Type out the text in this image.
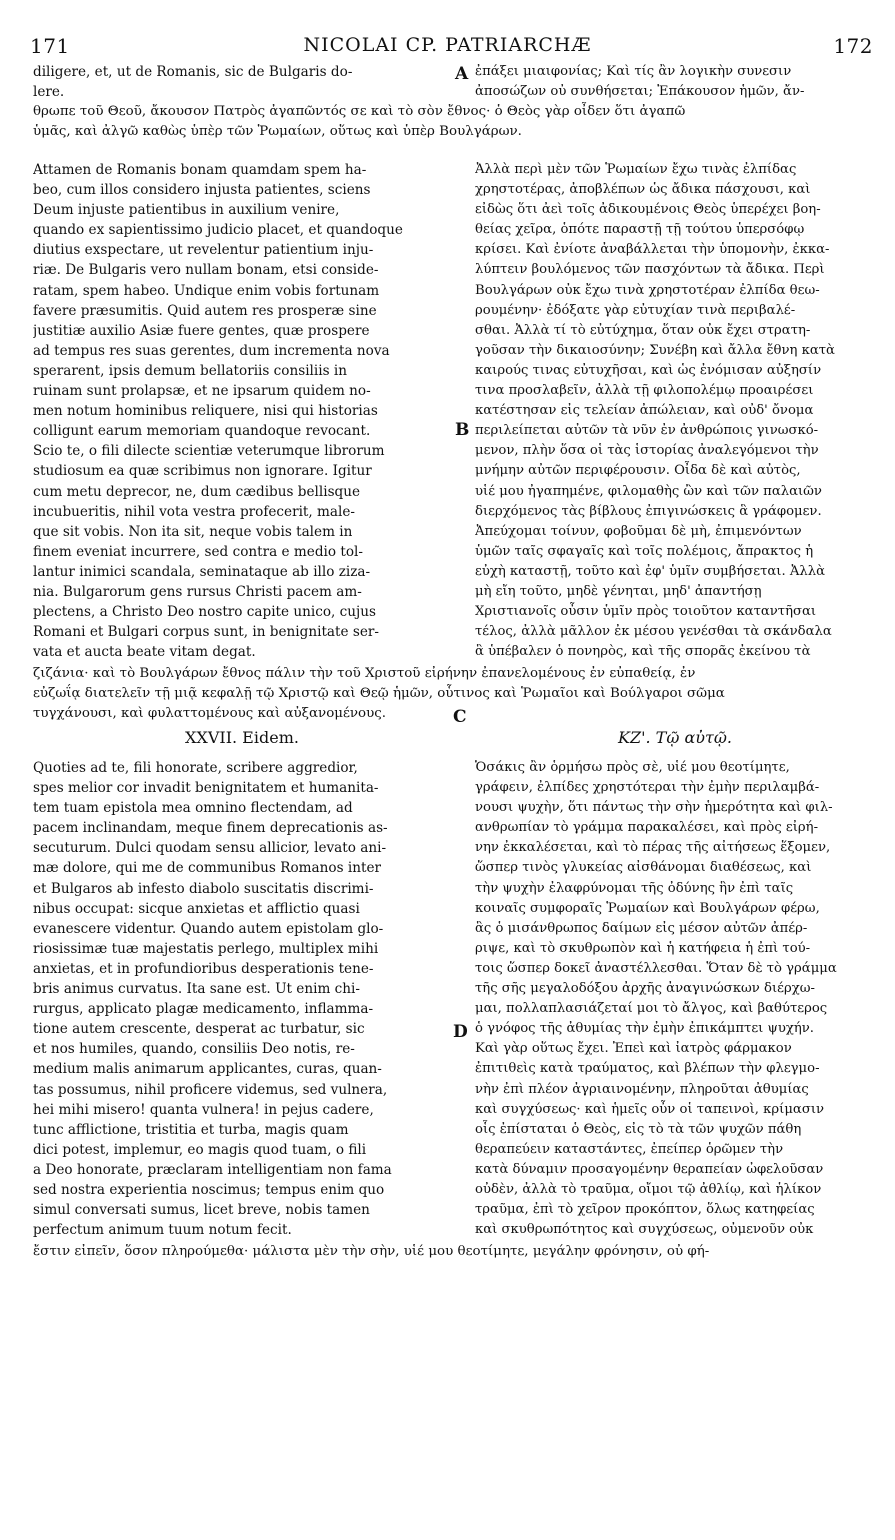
171	NICOLAI CP. PATRIARCHÆ	172
diligere, et, ut de Romanis, sic de Bulgaris do-
lere.
ἐπάξει μιαιφονίας; Καὶ τίς ἂν λογικὴν συνεσιν
ἀποσώζων οὐ συνθήσεται; Ἐπάκουσον ἡμῶν, ἄν-
θρωπε τοῦ Θεοῦ, ἄκουσον Πατρὸς ἀγαπῶντός σε καὶ τὸ σὸν ἔθνος· ὁ Θεὸς γὰρ οἶδεν ὅτι ἀγαπῶ
ὑμᾶς, καὶ ἀλγῶ καθὼς ὑπὲρ τῶν Ῥωμαίων, οὕτως καὶ ὑπὲρ Βουλγάρων.
Attamen de Romanis bonam quamdam spem ha-
beo, cum illos considero injusta patientes, sciens
Deum injuste patientibus in auxilium venire,
quando ex sapientissimo judicio placet, et quandoque
diutius exspectare, ut revelentur patientium inju-
riæ. De Bulgaris vero nullam bonam, etsi conside-
ratam, spem habeo. Undique enim vobis fortunam
favere præsumitis. Quid autem res prosperæ sine
justitiæ auxilio Asiæ fuere gentes, quæ prospere
ad tempus res suas gerentes, dum incrementa nova
sperarent, ipsis demum bellatoriis consiliis in
ruinam sunt prolapsæ, et ne ipsarum quidem no-
men notum hominibus reliquere, nisi qui historias
colligunt earum memoriam quandoque revocant.
Scio te, o fili dilecte scientiæ veterumque librorum
studiosum ea quæ scribimus non ignorare. Igitur
cum metu deprecor, ne, dum cædibus bellisque
incubueritis, nihil vota vestra profecerit, male-
que sit vobis. Non ita sit, neque vobis talem in
finem eveniat incurrere, sed contra e medio tol-
lantur inimici scandala, seminataque ab illo ziza-
nia. Bulgarorum gens rursus Christi pacem am-
plectens, a Christo Deo nostro capite unico, cujus
Romani et Bulgari corpus sunt, in benignitate ser-
vata et aucta beate vitam degat.
Ἀλλὰ περὶ μὲν τῶν Ῥωμαίων ἔχω τινὰς ἐλπίδας
χρηστοτέρας, ἀποβλέπων ὡς ἄδικα πάσχουσι, καὶ
εἰδὼς ὅτι ἀεὶ τοῖς ἀδικουμένοις Θεὸς ὑπερέχει βοη-
θείας χεῖρα, ὁπότε παραστῇ τῇ τούτου ὑπερσόφῳ
κρίσει. Καὶ ἐνίοτε ἀναβάλλεται τὴν ὑπομονὴν, ἐκκα-
λύπτειν βουλόμενος τῶν πασχόντων τὰ ἄδικα. Περὶ
Βουλγάρων οὐκ ἔχω τινὰ χρηστοτέραν ἐλπίδα θεω-
ρουμένην· ἐδόξατε γὰρ εὐτυχίαν τινὰ περιβαλέ-
σθαι. Ἀλλὰ τί τὸ εὐτύχημα, ὅταν οὐκ ἔχει στρατη-
γοῦσαν τὴν δικαιοσύνην; Συνέβη καὶ ἄλλα ἔθνη κατὰ
καιρούς τινας εὐτυχῆσαι, καὶ ὡς ἐνόμισαν αὐξησίν
τινα προσλαβεῖν, ἀλλὰ τῇ φιλοπολέμῳ προαιρέσει
κατέστησαν εἰς τελείαν ἀπώλειαν, καὶ οὐδ' ὄνομα
περιλείπεται αὐτῶν τὰ νῦν ἐν ἀνθρώποις γινωσκό-
μενον, πλὴν ὅσα οἱ τὰς ἱστορίας ἀναλεγόμενοι τὴν
μνήμην αὐτῶν περιφέρουσιν. Οἶδα δὲ καὶ αὐτὸς,
υἱέ μου ἠγαπημένε, φιλομαθὴς ὢν καὶ τῶν παλαιῶν
διερχόμενος τὰς βίβλους ἐπιγινώσκεις ἃ γράφομεν.
Ἀπεύχομαι τοίνυν, φοβοῦμαι δὲ μὴ, ἐπιμενόντων
ὑμῶν ταῖς σφαγαῖς καὶ τοῖς πολέμοις, ἄπρακτος ἡ
εὐχὴ καταστῇ, τοῦτο καὶ ἐφ' ὑμῖν συμβήσεται. Ἀλλὰ
μὴ εἴη τοῦτο, μηδὲ γένηται, μηδ' ἀπαντήσῃ
Χριστιανοῖς οὖσιν ὑμῖν πρὸς τοιοῦτον καταντῆσαι
τέλος, ἀλλὰ μᾶλλον ἐκ μέσου γενέσθαι τὰ σκάνδαλα
ἃ ὑπέβαλεν ὁ πονηρὸς, καὶ τῆς σπορᾶς ἐκείνου τὰ
ζιζάνια· καὶ τὸ Βουλγάρων ἔθνος πάλιν τὴν τοῦ Χριστοῦ εἰρήνην ἐπανελομένους ἐν εὐπαθείᾳ, ἐν
εὐζωΐᾳ διατελεῖν τῇ μιᾷ κεφαλῇ τῷ Χριστῷ καὶ Θεῷ ἡμῶν, οὗτινος καὶ Ῥωμαῖοι καὶ Βούλγαροι σῶμα
τυγχάνουσι, καὶ φυλαττομένους καὶ αὐξανομένους.
XXVII. Eidem.	ΚΖ'. Τῷ αὐτῷ.
Quoties ad te, fili honorate, scribere aggredior,
spes melior cor invadit benignitatem et humanita-
tem tuam epistola mea omnino flectendam, ad
pacem inclinandam, meque finem deprecationis as-
secuturum. Dulci quodam sensu allicior, levato ani-
mæ dolore, qui me de communibus Romanos inter
et Bulgaros ab infesto diabolo suscitatis discrimi-
nibus occupat: sicque anxietas et afflictio quasi
evanescere videntur. Quando autem epistolam glo-
riosissimæ tuæ majestatis perlego, multiplex mihi
anxietas, et in profundioribus desperationis tene-
bris animus curvatus. Ita sane est. Ut enim chi-
rurgus, applicato plagæ medicamento, inflamma-
tione autem crescente, desperat ac turbatur, sic
et nos humiles, quando, consiliis Deo notis, re-
medium malis animarum applicantes, curas, quan-
tas possumus, nihil proficere videmus, sed vulnera,
hei mihi misero! quanta vulnera! in pejus cadere,
tunc afflictione, tristitia et turba, magis quam
dici potest, implemur, eo magis quod tuam, o fili
a Deo honorate, præclaram intelligentiam non fama
sed nostra experientia noscimus; tempus enim quo
simul conversati sumus, licet breve, nobis tamen
perfectum animum tuum notum fecit.
Ὁσάκις ἂν ὁρμήσω πρὸς σὲ, υἱέ μου θεοτίμητε,
γράφειν, ἐλπίδες χρηστότεραι τὴν ἐμὴν περιλαμβά-
νουσι ψυχὴν, ὅτι πάντως τὴν σὴν ἡμερότητα καὶ φιλ-
ανθρωπίαν τὸ γράμμα παρακαλέσει, καὶ πρὸς εἰρή-
νην ἐκκαλέσεται, καὶ τὸ πέρας τῆς αἰτήσεως ἕξομεν,
ὥσπερ τινὸς γλυκείας αἰσθάνομαι διαθέσεως, καὶ
τὴν ψυχὴν ἐλαφρύνομαι τῆς ὀδύνης ἣν ἐπὶ ταῖς
κοιναῖς συμφοραῖς Ῥωμαίων καὶ Βουλγάρων φέρω,
ἃς ὁ μισάνθρωπος δαίμων εἰς μέσον αὐτῶν ἀπέρ-
ριψε, καὶ τὸ σκυθρωπὸν καὶ ἡ κατήφεια ἡ ἐπὶ τού-
τοις ὥσπερ δοκεῖ ἀναστέλλεσθαι. Ὅταν δὲ τὸ γράμμα
τῆς σῆς μεγαλοδόξου ἀρχῆς ἀναγινώσκων διέρχω-
μαι, πολλαπλασιάζεταί μοι τὸ ἄλγος, καὶ βαθύτερος
ὁ γνόφος τῆς ἀθυμίας τὴν ἐμὴν ἐπικάμπτει ψυχήν.
Καὶ γὰρ οὕτως ἔχει. Ἐπεὶ καὶ ἰατρὸς φάρμακον
ἐπιτιθεὶς κατὰ τραύματος, καὶ βλέπων τὴν φλεγμο-
νὴν ἐπὶ πλέον ἀγριαινομένην, πληροῦται ἀθυμίας
καὶ συγχύσεως· καὶ ἡμεῖς οὖν οἱ ταπεινοὶ, κρίμασιν
οἷς ἐπίσταται ὁ Θεὸς, εἰς τὸ τὰ τῶν ψυχῶν πάθη
θεραπεύειν καταστάντες, ἐπείπερ ὁρῶμεν τὴν
κατὰ δύναμιν προσαγομένην θεραπείαν ὠφελοῦσαν
οὐδὲν, ἀλλὰ τὸ τραῦμα, οἴμοι τῷ ἀθλίῳ, καὶ ἡλίκον
τραῦμα, ἐπὶ τὸ χεῖρον προκόπτον, ὅλως κατηφείας
καὶ σκυθρωπότητος καὶ συγχύσεως, οὐμενοῦν οὐκ
ἔστιν εἰπεῖν, ὅσον πληρούμεθα· μάλιστα μὲν τὴν σὴν, υἱέ μου θεοτίμητε, μεγάλην φρόνησιν, οὐ φή-
A
B
C
D
